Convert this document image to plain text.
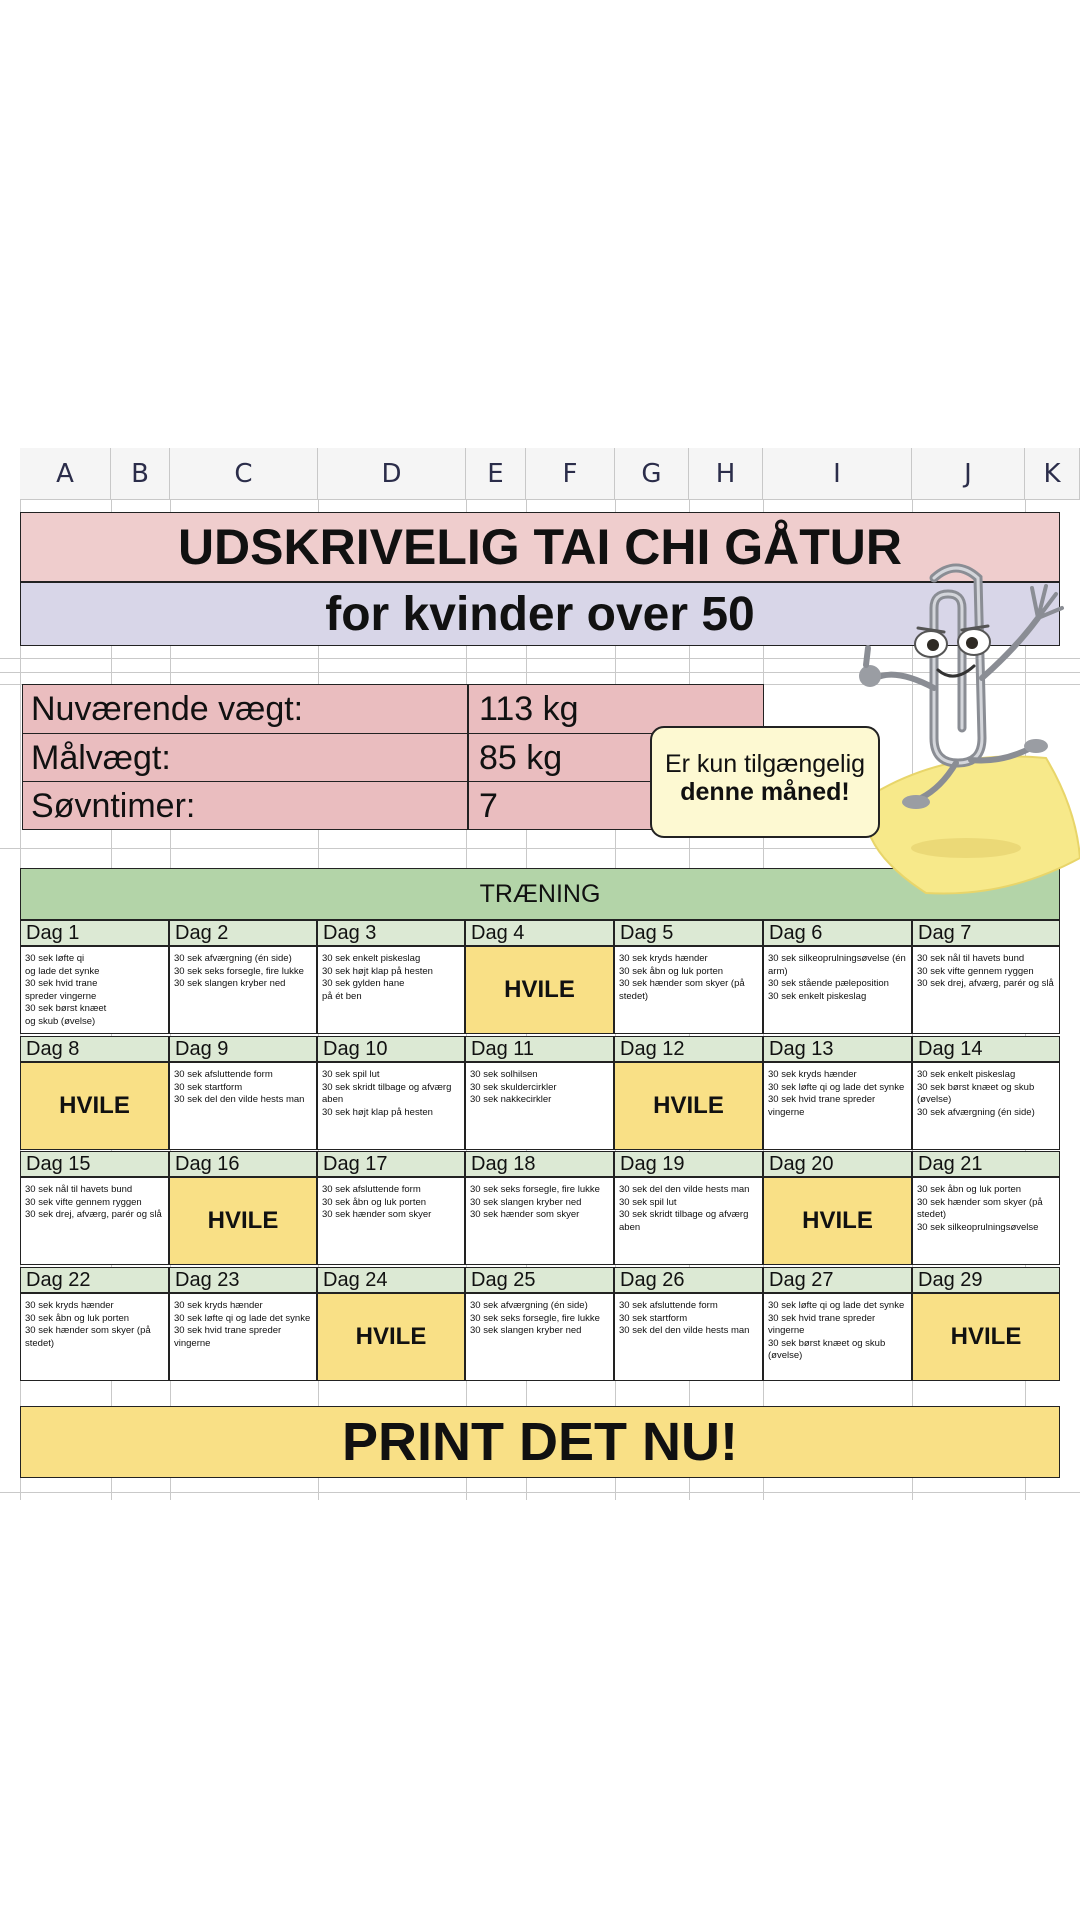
A	B	C	D	E	F	G	H	I	J	K
UDSKRIVELIG TAI CHI GÅTUR
for kvinder over 50
Nuværende vægt:	113 kg
Målvægt:	85 kg
Søvntimer:	7
TRÆNING
Dag 1
30 sek løfte qi
og lade det synke
30 sek hvid trane
spreder vingerne
30 sek børst knæet
og skub (øvelse)
Dag 2
30 sek afværgning (én side)
30 sek seks forsegle, fire lukke
30 sek slangen kryber ned
Dag 3
30 sek enkelt piskeslag
30 sek højt klap på hesten
30 sek gylden hane
på ét ben
Dag 4
HVILE
Dag 5
30 sek kryds hænder
30 sek åbn og luk porten
30 sek hænder som skyer (på
stedet)
Dag 6
30 sek silkeoprulningsøvelse (én
arm)
30 sek stående pæleposition
30 sek enkelt piskeslag
Dag 7
30 sek nål til havets bund
30 sek vifte gennem ryggen
30 sek drej, afværg, parér og slå
Dag 8
HVILE
Dag 9
30 sek afsluttende form
30 sek startform
30 sek del den vilde hests man
Dag 10
30 sek spil lut
30 sek skridt tilbage og afværg
aben
30 sek højt klap på hesten
Dag 11
30 sek solhilsen
30 sek skuldercirkler
30 sek nakkecirkler
Dag 12
HVILE
Dag 13
30 sek kryds hænder
30 sek løfte qi og lade det synke
30 sek hvid trane spreder
vingerne
Dag 14
30 sek enkelt piskeslag
30 sek børst knæet og skub
(øvelse)
30 sek afværgning (én side)
Dag 15
30 sek nål til havets bund
30 sek vifte gennem ryggen
30 sek drej, afværg, parér og slå
Dag 16
HVILE
Dag 17
30 sek afsluttende form
30 sek åbn og luk porten
30 sek hænder som skyer
Dag 18
30 sek seks forsegle, fire lukke
30 sek slangen kryber ned
30 sek hænder som skyer
Dag 19
30 sek del den vilde hests man
30 sek spil lut
30 sek skridt tilbage og afværg
aben
Dag 20
HVILE
Dag 21
30 sek åbn og luk porten
30 sek hænder som skyer (på
stedet)
30 sek silkeoprulningsøvelse
Dag 22
30 sek kryds hænder
30 sek åbn og luk porten
30 sek hænder som skyer (på
stedet)
Dag 23
30 sek kryds hænder
30 sek løfte qi og lade det synke
30 sek hvid trane spreder
vingerne
Dag 24
HVILE
Dag 25
30 sek afværgning (én side)
30 sek seks forsegle, fire lukke
30 sek slangen kryber ned
Dag 26
30 sek afsluttende form
30 sek startform
30 sek del den vilde hests man
Dag 27
30 sek løfte qi og lade det synke
30 sek hvid trane spreder
vingerne
30 sek børst knæet og skub
(øvelse)
Dag 29
HVILE
PRINT DET NU!
Er kun tilgængelig
denne måned!
